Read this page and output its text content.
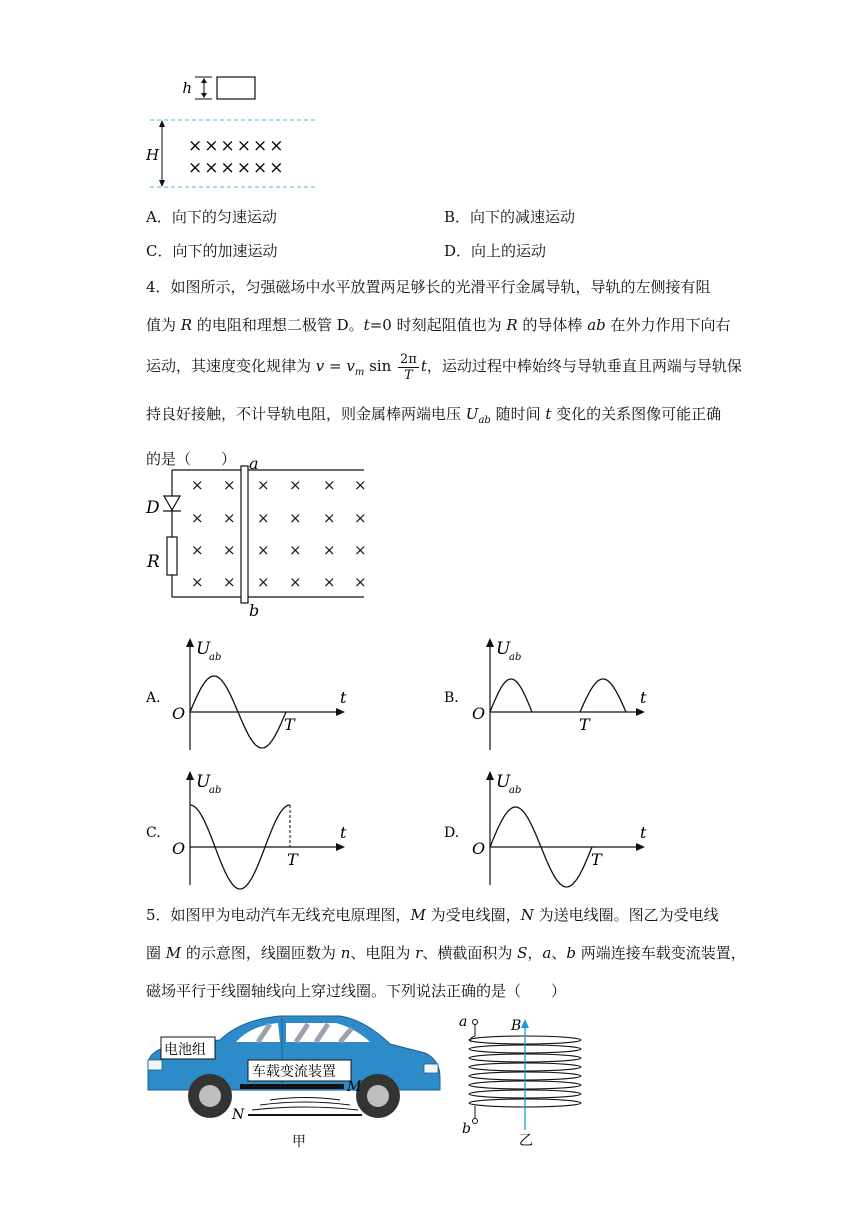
h
H ××××××
××××××
A．向下的匀速运动	B．向下的减速运动
C．向下的加速运动	D．向上的运动
4．如图所示，匀强磁场中水平放置两足够长的光滑平行金属导轨，导轨的左侧接有阻
值为 R 的电阻和理想二极管 D。t=0 时刻起阻值也为 R 的导体棒 ab 在外力作用下向右
运动，其速度变化规律为 $v = v_m$ $\sin \frac{2\pi}{T}$ t，运动过程中棒始终与导轨垂直且两端与导轨保
持良好接触，不计导轨电阻，则金属棒两端电压 $U_{ab}$ 随时间 t 变化的关系图像可能正确
的是（　　）
D
R
a
b
× × × × × ×
× × × × × ×
× × × × × ×
× × × × × ×
U
ab
O
t
A.
T
U
ab
O
t
B.
T
U
ab
O
t
C.
T
U
ab
O
t
D.
T
5．如图甲为电动汽车无线充电原理图，M 为受电线圈，N 为送电线圈。图乙为受电线
圈 M 的示意图，线圈匝数为 n、电阻为 r、横截面积为 S，a、b 两端连接车载变流装置，
磁场平行于线圈轴线向上穿过线圈。下列说法正确的是（　　）
电池组
车载变流装置
M
N
甲
a
b
B
乙
